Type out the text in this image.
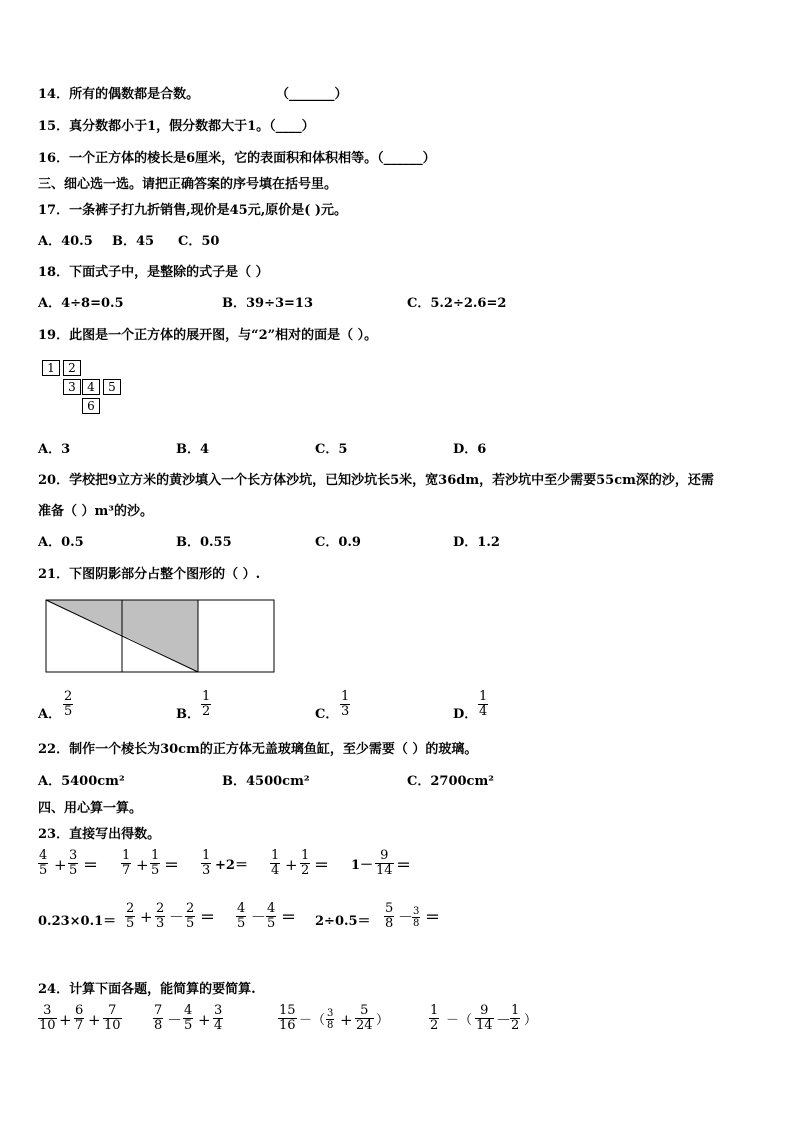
14．所有的偶数都是合数。	（_______）
15．真分数都小于1，假分数都大于1。（____）
16．一个正方体的棱长是6厘米，它的表面积和体积相等。（______）
三、细心选一选。请把正确答案的序号填在括号里。
17．一条裤子打九折销售,现价是45元,原价是( )元。
A．40.5 B．45 C．50
18．下面式子中，是整除的式子是（ ）
A．4÷8=0.5	B．39÷3=13	C．5.2÷2.6=2
19．此图是一个正方体的展开图，与“2”相对的面是（ ）。
1	2
3 4	5
6
A．3	B．4	C．5	D．6
20．学校把9立方米的黄沙填入一个长方体沙坑，已知沙坑长5米，宽36dm，若沙坑中至少需要55cm深的沙，还需
准备（ ）m³的沙。
A．0.5	B．0.55	C．0.9	D．1.2
21．下图阴影部分占整个图形的（ ）.
A．
2
5	B．
1
2	C．
1
3	D．
1
4
22．制作一个棱长为30cm的正方体无盖玻璃鱼缸，至少需要（ ）的玻璃。
A．5400cm²	B．4500cm²	C．2700cm²
四、用心算一算。
23．直接写出得数。
4
5 +
3
5 ＝
1
7 +
1
5 ＝
1
3 +2＝
1
4 +
1
2 ＝ 1－
9
14 ＝
0.23×0.1＝
2
5 + 2
3 － 2
5 ＝ 4
5 － 4
5 ＝ 2÷0.5＝
5
8 － 3
8 ＝
24．计算下面各题，能简算的要简算.
3
10 +
6
7 +
7
10
7
8 －
4
5 +
3
4
15
16 －（ 3
8 +
5
24 ）
1
2 －（
9
14 －
1
2 ）
